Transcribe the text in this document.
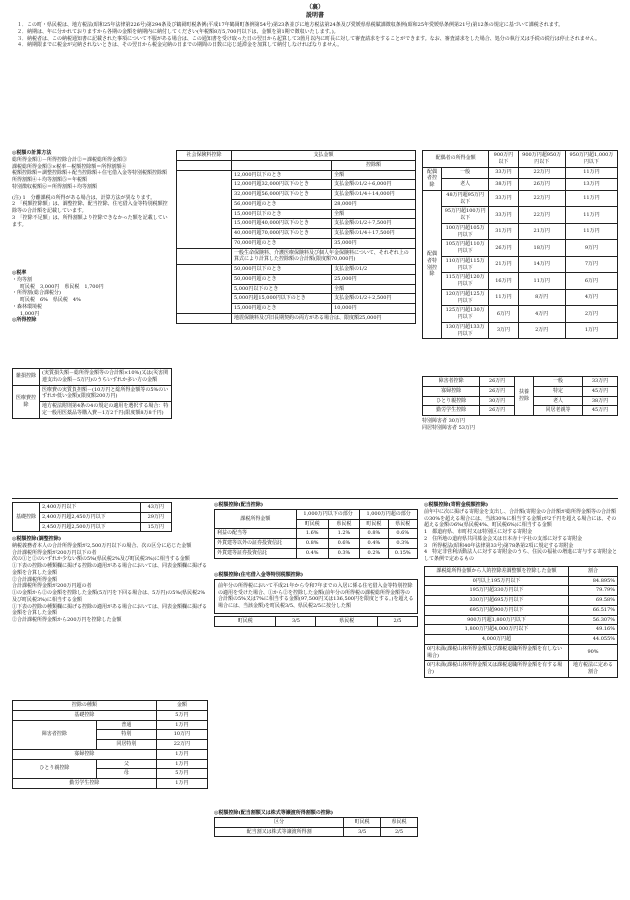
（裏）
説明書

１．この町・県民税は、地方税法(昭和25年法律第226号)第294条及び鶴岡町税条例(平成17年鶴岡町条例第54号)第23条並びに地方税法第24条及び愛媛県県税賦課徴収条例(昭和25年愛媛県条例第21号)第12条の規定に基づいて課税されます。

２．納期は、年に分かれておりますから各期の金額を納期内に納付してください(年税額8万5,700円以下は、金額を第1期で徴収いたします。)。

３．納税者は、この納税通知書に記載された事項について不服がある場合は、この通知書を受け取った日の翌日から起算して3箇月以内に町長に対して審査請求をすることができます。なお、審査請求をした場合、処分の執行又は手続の続行は停止されません。

４．納期限までに税金が完納されないときは、その翌日から税金完納の日までの期間の日数に応じ延滞金を加算して納付しなければなりません。

◎税額の計算方法
総所得金額①－所得控除合計②＝課税総所得金額③
課税総所得金額③×税率－税額控除額＝所得割額④
税額控除額＝調整控除額＋配当控除額＋住宅借入金等特別税額控除額
所得割額④＋均等割額⑤＝年税額
特別徴収税額⑥＝所得割額＋均等割額
(注) 1　分離課税の所得がある場合は、計算方法が異なります。
2　「税額控除額」は、調整控除、配当控除、住宅借入金等特別税額控除等の合計額を記載しています。
3　「控除不足額」は、所得割額より控除できなかった額を記載しています。
◎税率
・均等割
町民税　3,000円　県民税　1,700円
・所得割(総合課税分)
町民税　6%　県民税　4%
・森林環境税
1,000円
◎所得控除
雑損控除	(実質損失額－総所得金額等の合計額×10%)又は(災害関連支出の金額－5万円)のうちいずれか多い方の金額
医療費控除	医療費の実質負担額－(10万円と総所得金額等の5%のいずれか低い金額)(限度額200万円)
	地方税法附則第4条の4の規定の適用を選択する場合：特定一般用医薬品等購入費－1万2千円(限度額8万8千円)
社会保険料控除	支払金額	
		控除額
	12,000円以下のとき	全額
	12,000円超32,000円以下のとき	支払金額の1/2＋6,000円
	32,000円超56,000円以下のとき	支払金額の1/4＋14,000円
	56,000円超のとき	28,000円
	15,000円以下のとき	全額
	15,000円超40,000円以下のとき	支払金額の1/2＋7,500円
	40,000円超70,000円以下のとき	支払金額の1/4＋17,500円
	70,000円超のとき	35,000円
	一般生命保険料、介護医療保険料及び個人年金保険料について、それぞれ上の算式により計算した控除額の合計額(限度額70,000円)	
	50,000円以下のとき	支払金額の1/2
	50,000円超のとき	25,000円
	5,000円以下のとき	全額
	5,000円超15,000円以下のとき	支払金額の1/2＋2,500円
	15,000円超のとき	10,000円
	地震保険料及び旧長期契約の両方がある場合は、限度額25,000円	
配偶者の所得金額		900万円以下	900万円超950万円以下	950万円超1,000万円以下
配偶者控除	一般	33万円	22万円	11万円
	老人	38万円	26万円	13万円
配偶者特別控除	48万円超95万円以下	33万円	22万円	11万円
	95万円超100万円以下	33万円	22万円	11万円
	100万円超105万円以下	31万円	21万円	11万円
	105万円超110万円以下	26万円	18万円	9万円
	110万円超115万円以下	21万円	14万円	7万円
	115万円超120万円以下	16万円	11万円	6万円
	120万円超125万円以下	11万円	8万円	4万円
	125万円超130万円以下	6万円	4万円	2万円
	130万円超133万円以下	3万円	2万円	1万円
障害者控除	26万円	扶養控除	一般	33万円
寡婦控除	26万円		特定	45万円
ひとり親控除	30万円		老人	38万円
勤労学生控除	26万円		同居老親等	45万円
特別障害者 30万円
同居特別障害者 53万円
基礎控除	2,400万円以下	43万円
	2,400万円超2,450万円以下	29万円
	2,450万円超2,500万円以下	15万円
◎税額控除(調整控除)
納税義務者本人の合計所得金額が2,500万円以下の場合、次の区分に応じた金額
合計課税所得金額が200万円以下の者
次の①と②のいずれか少ない額の5%(県民税2%及び町民税3%)に相当する金額
①下表の控除の種類欄に掲げる控除の適用がある場合においては、同表金額欄に掲げる金額を合算した金額
②合計課税所得金額
合計課税所得金額が200万円超の者
①の金額から②の金額を控除した金額(5万円を下回る場合は、5万円)の5%(県民税2%及び町民税3%)に相当する金額
①下表の控除の種類欄に掲げる控除の適用がある場合においては、同表金額欄に掲げる金額を合算した金額
②合計課税所得金額から200万円を控除した金額
控除の種類		金額
基礎控除		5万円
障害者控除	普通	1万円
	特別	10万円
	同居特別	22万円
寡婦控除		1万円
ひとり親控除	父	1万円
	母	5万円
勤労学生控除		1万円
◎税額控除(配当控除)
課税所得金額	1,000万円以下の部分		1,000万円超の部分	
	町民税	県民税	町民税	県民税
利益の配当等	1.6%	1.2%	0.8%	0.6%
外貨建等以外の証券投資信託	0.8%	0.6%	0.4%	0.3%
外貨建等証券投資信託	0.4%	0.3%	0.2%	0.15%
◎税額控除(住宅借入金等特別税額控除)
前年分の所得税において平成21年から令和7年までの入居に係る住宅借入金等特別控除の適用を受けた場合、①から②を控除した金額(前年分の所得税の課税総所得金額等の合計額の5%又は7%に相当する金額(97,500円又は136,500円を限度とする。)を超える場合には、当該金額)を町民税3/5、県民税2/5に按分した額
町民税	3/5	県民税	2/5
◎税額控除(配当割額又は株式等譲渡所得割額の控除)
区分	町民税	県民税
配当割又は株式等譲渡所得割	3/5	2/5
◎税額控除(寄附金税額控除)
前年中に次に掲げる寄附金を支出し、合計額(寄附金の合計額が総所得金額等の合計額の30%を超える場合には、当該30%に相当する金額)が2千円を超える場合には、その超える金額の6%(県民税4%、町民税6%)に相当する金額
1　都道府県、市町村又は特別区に対する寄附金
2　住所地の道府県共同募金会又は日本赤十字社の支部に対する寄附金
3　所得税法(昭和40年法律第33号)第78条第2項に規定する寄附金
4　特定非営利活動法人に対する寄附金のうち、住民の福祉の増進に寄与する寄附金として条例で定めるもの
課税総所得金額から人的控除差調整額を控除した金額	割合
0円以上195万円以下	84.895%
195万円超330万円以下	79.79%
330万円超695万円以下	69.58%
695万円超900万円以下	66.517%
900万円超1,800万円以下	56.307%
1,800万円超4,000万円以下	49.16%
4,000万円超	44.055%
0円未満(課税山林所得金額及び課税退職所得金額を有しない場合)	90%
0円未満(課税山林所得金額又は課税退職所得金額を有する場合)	地方税法に定める割合
